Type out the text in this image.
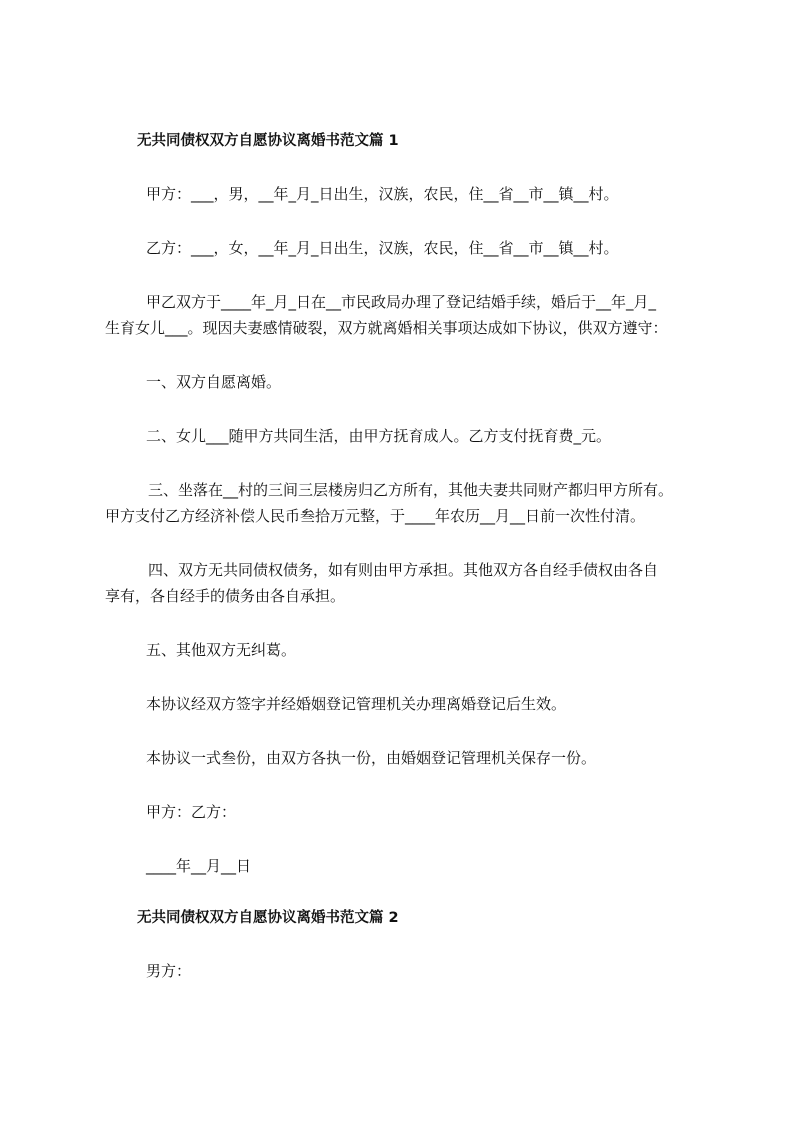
无共同债权双方自愿协议离婚书范文篇 1
甲方：___，男，__年_月_日出生，汉族，农民，住__省__市__镇__村。
乙方：___，女，__年_月_日出生，汉族，农民，住__省__市__镇__村。
甲乙双方于____年_月_日在__市民政局办理了登记结婚手续，婚后于__年_月_
生育女儿___。现因夫妻感情破裂，双方就离婚相关事项达成如下协议，供双方遵守：
一、双方自愿离婚。
二、女儿___随甲方共同生活，由甲方抚育成人。乙方支付抚育费_元。
三、坐落在__村的三间三层楼房归乙方所有，其他夫妻共同财产都归甲方所有。
甲方支付乙方经济补偿人民币叁拾万元整，于____年农历__月__日前一次性付清。
四、双方无共同债权债务，如有则由甲方承担。其他双方各自经手债权由各自
享有，各自经手的债务由各自承担。
五、其他双方无纠葛。
本协议经双方签字并经婚姻登记管理机关办理离婚登记后生效。
本协议一式叁份，由双方各执一份，由婚姻登记管理机关保存一份。
甲方：乙方：
____年__月__日
无共同债权双方自愿协议离婚书范文篇 2
男方：
